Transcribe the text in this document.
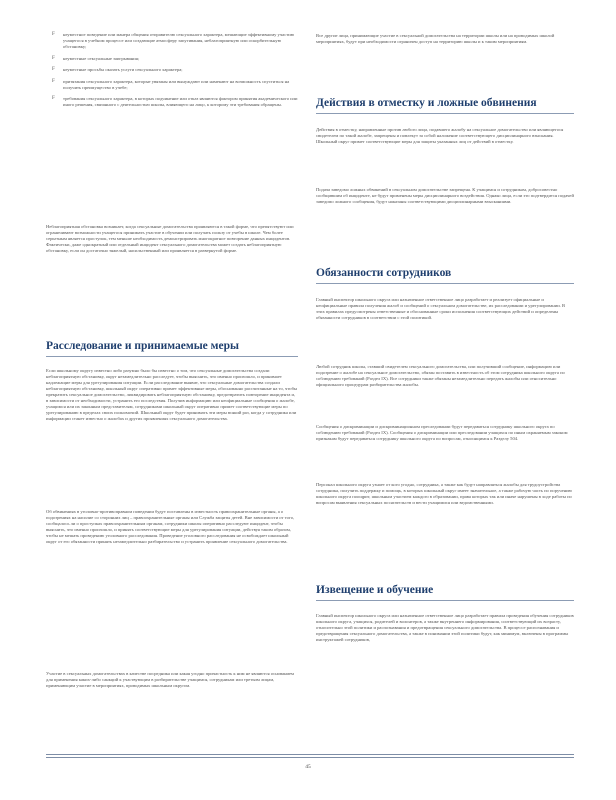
F	неуместное поведение или манера общения отправителю сексуального характера, мешающие эффективному участию учащегося в учебном процессе или создающие атмосферу запугивания, неблагоприятную или оскорбительную обстановку;
F	неуместные сексуальные заигрывания;
F	неуместные просьбы оказать услуги сексуального характера;
F	притязания сексуального характера, которые увязаны или вынуждают или намекают на возможность спуститься на получить преимущество в учебе;
F	требования сексуального характера, в которых подчинение или отказ являются фактором принятия академического или иного решения, связанного с деятельностью школы, влияющего на лицо, к которому эти требования обращены.

Неблагоприятная обстановка возникает, когда сексуальные домогательства проявляются в такой форме, что препятствуют или ограничивают возможности учащегося принимать участие в обучении или получать пользу от учебы в школе. Чем более серьезным является проступок, тем меньше необходимость демонстрировать многократное повторение данных инцидентов. Фактически, даже однократный или отдельный инцидент сексуального домогательства может создать неблагоприятную обстановку, если он достаточно тяжелый, насильственный или проявляется в развернутой форме.

Расследование и принимаемые меры

Если школьному округу известно либо разумно было бы известно о том, что сексуальные домогательства создали неблагоприятную обстановку, округ незамедлительно расследует, чтобы выяснить, что именно произошло, и принимает надлежащие меры для урегулирования ситуации. Если расследование выявит, что сексуальные домогательства создали неблагоприятную обстановку, школьный округ оперативно примет эффективные меры, обоснованно рассчитанные на то, чтобы прекратить сексуальное домогательство, ликвидировать неблагоприятную обстановку, предотвратить повторение инцидента и, в зависимости от необходимости, устранить его последствия. Получив информацию или неофициальные сообщения о жалобе, учащимся или их законным представителям, сотрудниками школьный округ оперативно примет соответствующие меры по урегулированию в пределах своих полномочий. Школьный округ будет принимать эти меры всякий раз, когда у сотрудника или информации станет известно о жалобах и других проявлениях сексуального домогательства.

Об обвинениях в уголовно-противоправном поведении будут поставлены в известность правоохранительные органы, а о подозрениях на насилие со сторонних лиц – правоохранительные органы или Служба защиты детей. Вне зависимости от того, сообщалось ли о проступках правоохранительным органам, сотрудники школы оперативно расследуют инцидент, чтобы выяснить, что именно произошло, и принять соответствующие меры для урегулирования ситуации, действуя таким образом, чтобы не мешать проведению уголовного расследования. Проведение уголовного расследования не освобождает школьный округ от его обязанности принять незамедлительно разбирательство и устранить проявление сексуального домогательства.

Участие в сексуальных домогательствах в качестве посредника или какая угодно причастность к ним не являются основанием для применения каких-либо санкций к участвующим в разбирательстве учащимся, сотрудникам или третьим лицам, применяющим участие в мероприятиях, проводимых школьным округом.

Все другие лица, принимающие участие в сексуальной домогательства на территории школы или на проводимых школой мероприятиях, будут при необходимости ограничен доступ на территорию школы и к таким мероприятиям.

Действия в отместку и ложные обвинения

Действия в отместку, направленные против любого лица, подавшего жалобу на сексуальное домогательство или являющегося свидетелем по такой жалобе, запрещены и повлекут за собой наложение соответствующего дисциплинарного взыскания. Школьный округ примет соответствующие меры для защиты указанных лиц от действий в отместку.

Подача заведомо ложных обвинений в сексуальном домогательстве запрещена. К учащимся и сотрудникам, добросовестно сообщившим об инциденте, не будут применены меры дисциплинарного воздействия. Однако лица, если это подтвердится подачей заведомо ложного сообщения, будут наказаны соответствующими дисциплинарными взысканиями.

Обязанности сотрудников

Главный инспектор школьного округа или назначенное ответственное лицо разработает и реализует официальные и неофициальные правила получения жалоб и сообщений о сексуальном домогательстве, их расследовании и урегулировании. В этих правилах предусмотрены ответственные и обоснованные сроки исполнения соответствующих действий и определены обязанности сотрудников в соответствии с этой политикой.

Любой сотрудник школы, ставший свидетелем сексуального домогательства, или получивший сообщение, информацию или подозрение о жалобе на сексуальное домогательство, обязан поставить в известность об этом сотрудника школьного округа по соблюдению требований (Раздел IX). Все сотрудники также обязаны незамедлительно передать жалобы или относительно официального процедурам разбирательства жалобы.

Сообщения о дискриминации и дискриминационном преследовании будут передаваться сотруднику школьного округа по соблюдению требований (Раздел IX). Сообщения о дискриминации или преследовании учащихся по иным охраняемым законом признакам будут передаваться сотруднику школьного округа по вопросам, относящимся к Разделу 504.

Персонал школьного округа узнает от кого угодно, сотрудника, а также как будут направляться жалобы для трудоустройства сотрудника, получить поддержку и помощь, в которых школьный округ имеет значительное, а также рабочую часть по поручению школьного округа поощрит, школьным участием каждого в образовании, права которых так или иначе нарушены в ходе работы по вопросам выявления сексуальных посягательств и вести учащимися или ведомственными.

Извещение и обучение

Главный инспектор школьного округа или назначенное ответственное лицо разработает правила проведения обучения сотрудников школьного округа, учащихся, родителей и волонтеров, а также внутреннего информирования, соответствующий их возрасту, относительно этой политики и распознавания и предотвращения сексуального домогательства. В процессе распознавания и предотвращения сексуального домогательства, а также в понимании этой политики будут, как минимум, включены в программы инструктажей сотрудников,

45
